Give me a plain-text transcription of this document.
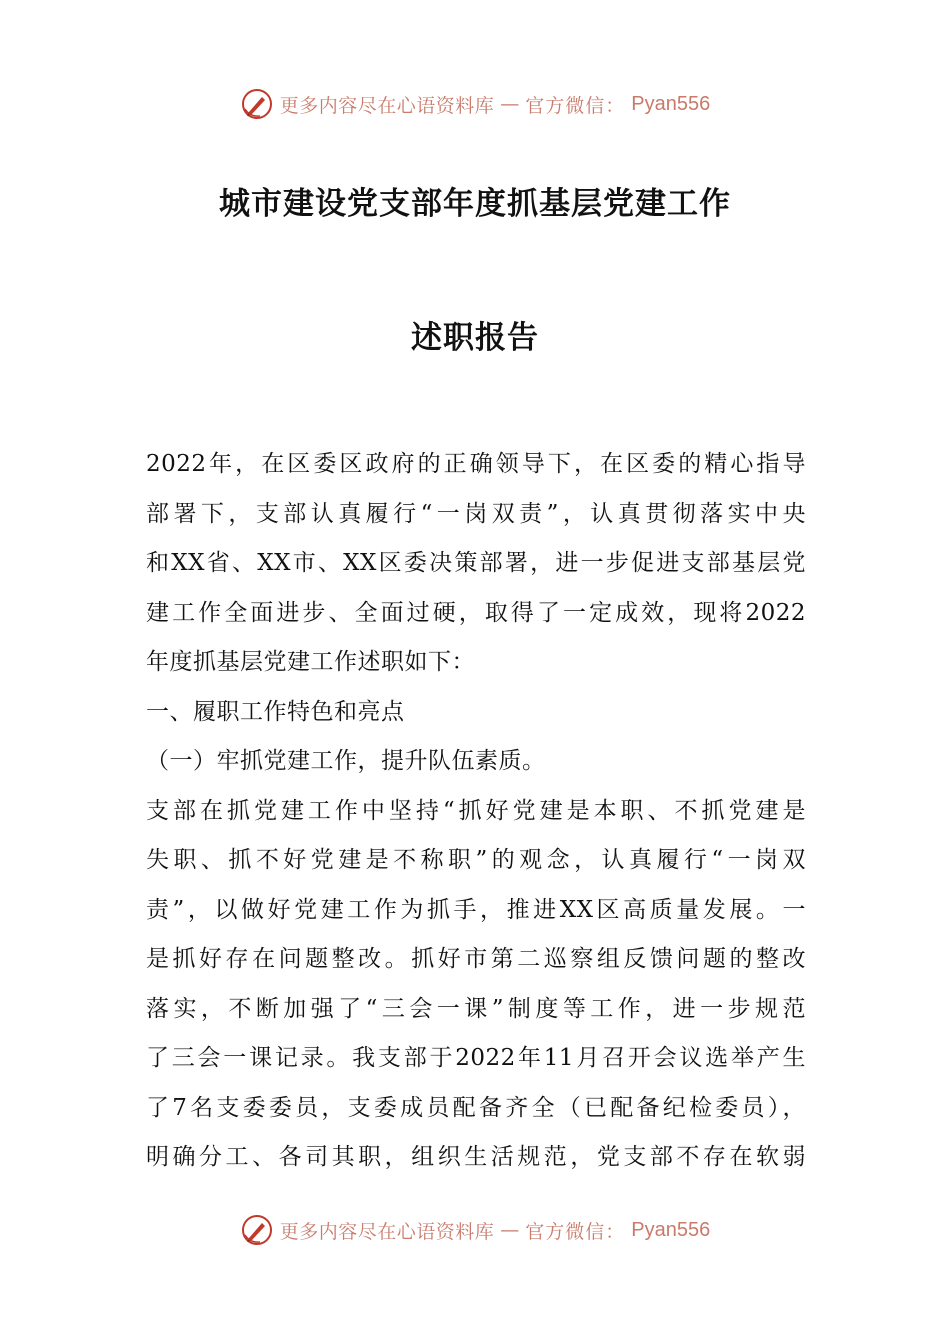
更多内容尽在心语资料库 — 官方微信： Pyan556
城市建设党支部年度抓基层党建工作
述职报告
2022年，在区委区政府的正确领导下，在区委的精心指导
部署下，支部认真履行“一岗双责”，认真贯彻落实中央
和XX省、XX市、XX区委决策部署，进一步促进支部基层党
建工作全面进步、全面过硬，取得了一定成效，现将2022
年度抓基层党建工作述职如下：
一、履职工作特色和亮点
（一）牢抓党建工作，提升队伍素质。
支部在抓党建工作中坚持“抓好党建是本职、不抓党建是
失职、抓不好党建是不称职”的观念，认真履行“一岗双
责”，以做好党建工作为抓手，推进XX区高质量发展。一
是抓好存在问题整改。抓好市第二巡察组反馈问题的整改
落实，不断加强了“三会一课”制度等工作，进一步规范
了三会一课记录。我支部于2022年11月召开会议选举产生
了7名支委委员，支委成员配备齐全（已配备纪检委员），
明确分工、各司其职，组织生活规范，党支部不存在软弱
更多内容尽在心语资料库 — 官方微信： Pyan556
